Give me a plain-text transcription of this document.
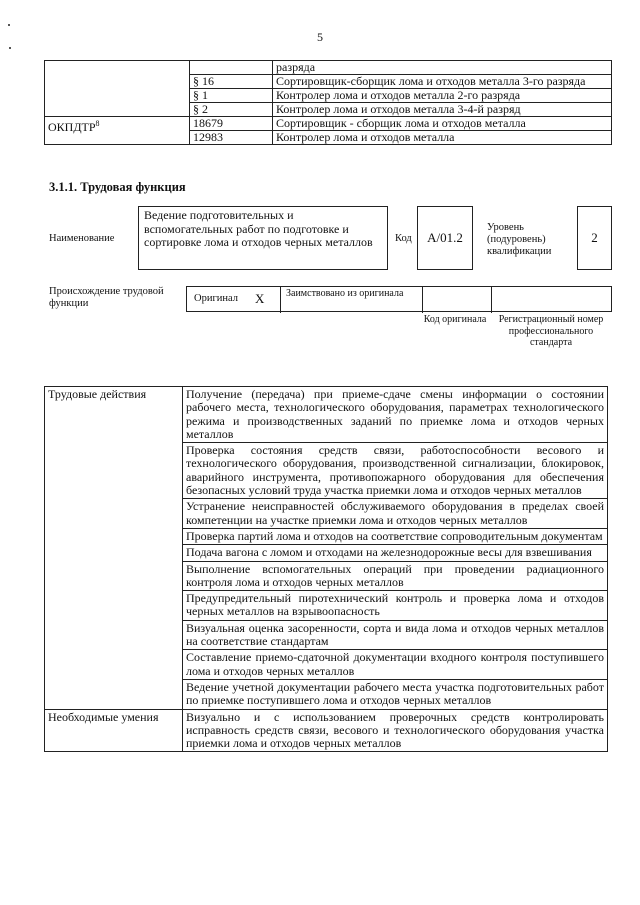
5
		разряда
	§ 16	Сортировщик-сборщик лома и отходов металла 3-го разряда
	§ 1	Контролер лома и отходов металла 2-го разряда
	§ 2	Контролер лома и отходов металла 3-4-й разряд
ОКПДТР$^8$	18679	Сортировщик - сборщик лома и отходов металла
	12983	Контролер лома и отходов металла
3.1.1. Трудовая функция
Наименование
Ведение подготовительных и вспомогательных работ по подготовке и сортировке лома и отходов черных металлов	Код А/01.2
Уровень (подуровень) квалификации
2
Происхождение трудовой функции	Оригинал X Заимствовано из оригинала
Код оригинала	Регистрационный номер профессионального стандарта
Трудовые действия	Получение (передача) при приеме-сдаче смены информации о состоянии рабочего места, технологического оборудования, параметрах технологического режима и производственных заданий по приемке лома и отходов черных металлов
	Проверка состояния средств связи, работоспособности весового и технологического оборудования, производственной сигнализации, блокировок, аварийного инструмента, противопожарного оборудования для обеспечения безопасных условий труда участка приемки лома и отходов черных металлов
	Устранение неисправностей обслуживаемого оборудования в пределах своей компетенции на участке приемки лома и отходов черных металлов
	Проверка партий лома и отходов на соответствие сопроводительным документам
	Подача вагона с ломом и отходами на железнодорожные весы для взвешивания
	Выполнение вспомогательных операций при проведении радиационного контроля лома и отходов черных металлов
	Предупредительный пиротехнический контроль и проверка лома и отходов черных металлов на взрывоопасность
	Визуальная оценка засоренности, сорта и вида лома и отходов черных металлов на соответствие стандартам
	Составление приемо-сдаточной документации входного контроля поступившего лома и отходов черных металлов
	Ведение учетной документации рабочего места участка подготовительных работ по приемке поступившего лома и отходов черных металлов
Необходимые умения	Визуально и с использованием проверочных средств контролировать исправность средств связи, весового и технологического оборудования участка приемки лома и отходов черных металлов
